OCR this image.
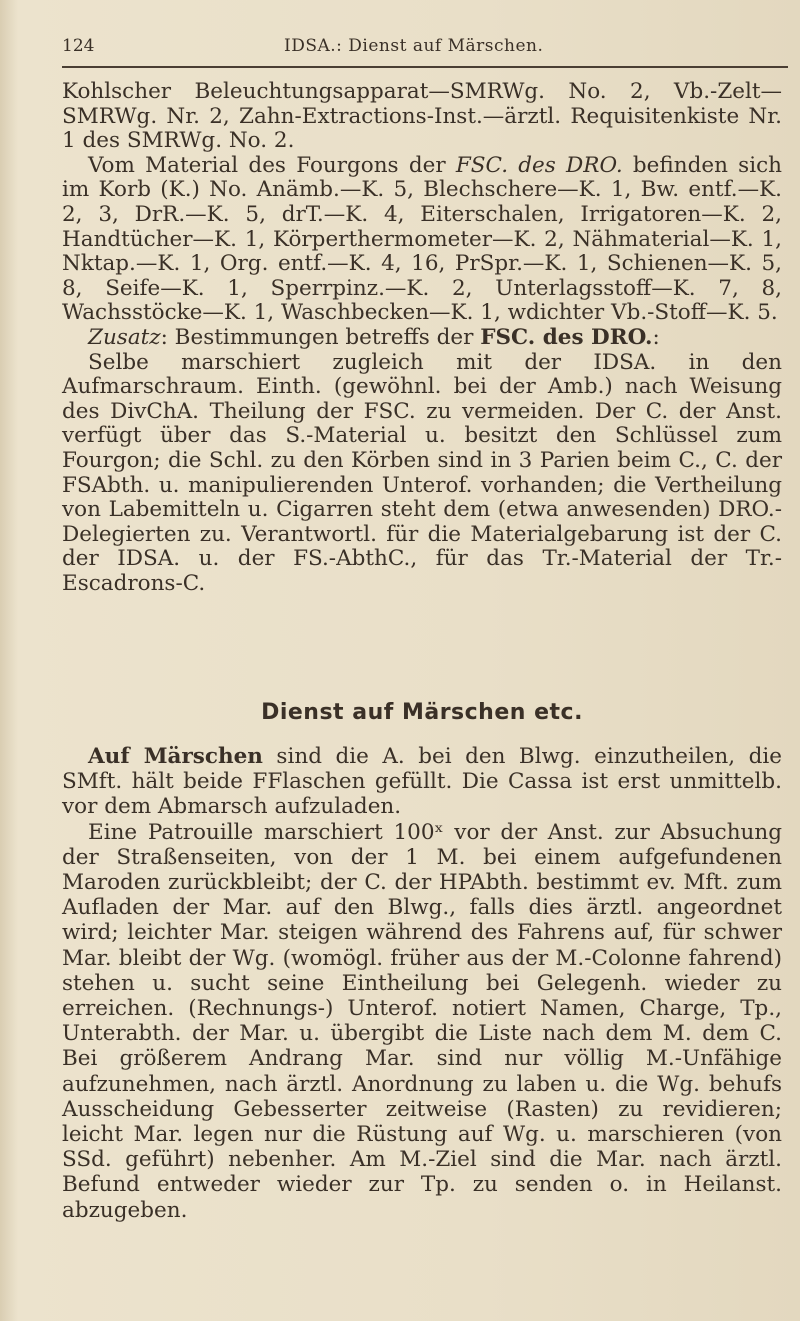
124	IDSA.: Dienst auf Märschen.

Kohlscher Beleuchtungsapparat—SMRWg. No. 2, Vb.-Zelt—SMRWg. Nr. 2, Zahn-Extractions-Inst.—ärztl. Requisitenkiste Nr. 1 des SMRWg. No. 2.

Vom Material des Fourgons der FSC. des DRO. befinden sich im Korb (K.) No. Anämb.—K. 5, Blechschere—K. 1, Bw. entf.—K. 2, 3, DrR.—K. 5, drT.—K. 4, Eiterschalen, Irrigatoren—K. 2, Handtücher—K. 1, Körperthermometer—K. 2, Nähmaterial—K. 1, Nktap.—K. 1, Org. entf.—K. 4, 16, PrSpr.—K. 1, Schienen—K. 5, 8, Seife—K. 1, Sperrpinz.—K. 2, Unterlagsstoff—K. 7, 8, Wachsstöcke—K. 1, Waschbecken—K. 1, wdichter Vb.-Stoff—K. 5.

Zusatz: Bestimmungen betreffs der FSC. des DRO.:

Selbe marschiert zugleich mit der IDSA. in den Aufmarschraum. Einth. (gewöhnl. bei der Amb.) nach Weisung des DivChA. Theilung der FSC. zu vermeiden. Der C. der Anst. verfügt über das S.-Material u. besitzt den Schlüssel zum Fourgon; die Schl. zu den Körben sind in 3 Parien beim C., C. der FSAbth. u. manipulierenden Unterof. vorhanden; die Vertheilung von Labemitteln u. Cigarren steht dem (etwa anwesenden) DRO.-Delegierten zu. Verantwortl. für die Materialgebarung ist der C. der IDSA. u. der FS.-AbthC., für das Tr.-Material der Tr.-Escadrons-C.

Dienst auf Märschen etc.

Auf Märschen sind die A. bei den Blwg. einzutheilen, die SMft. hält beide FFlaschen gefüllt. Die Cassa ist erst unmittelb. vor dem Abmarsch aufzuladen.

Eine Patrouille marschiert 100ˣ vor der Anst. zur Absuchung der Straßenseiten, von der 1 M. bei einem aufgefundenen Maroden zurückbleibt; der C. der HPAbth. bestimmt ev. Mft. zum Aufladen der Mar. auf den Blwg., falls dies ärztl. angeordnet wird; leichter Mar. steigen während des Fahrens auf, für schwer Mar. bleibt der Wg. (womögl. früher aus der M.-Colonne fahrend) stehen u. sucht seine Eintheilung bei Gelegenh. wieder zu erreichen. (Rechnungs-) Unterof. notiert Namen, Charge, Tp., Unterabth. der Mar. u. übergibt die Liste nach dem M. dem C. Bei größerem Andrang Mar. sind nur völlig M.-Unfähige aufzunehmen, nach ärztl. Anordnung zu laben u. die Wg. behufs Ausscheidung Gebesserter zeitweise (Rasten) zu revidieren; leicht Mar. legen nur die Rüstung auf Wg. u. marschieren (von SSd. geführt) nebenher. Am M.-Ziel sind die Mar. nach ärztl. Befund entweder wieder zur Tp. zu senden o. in Heilanst. abzugeben.
